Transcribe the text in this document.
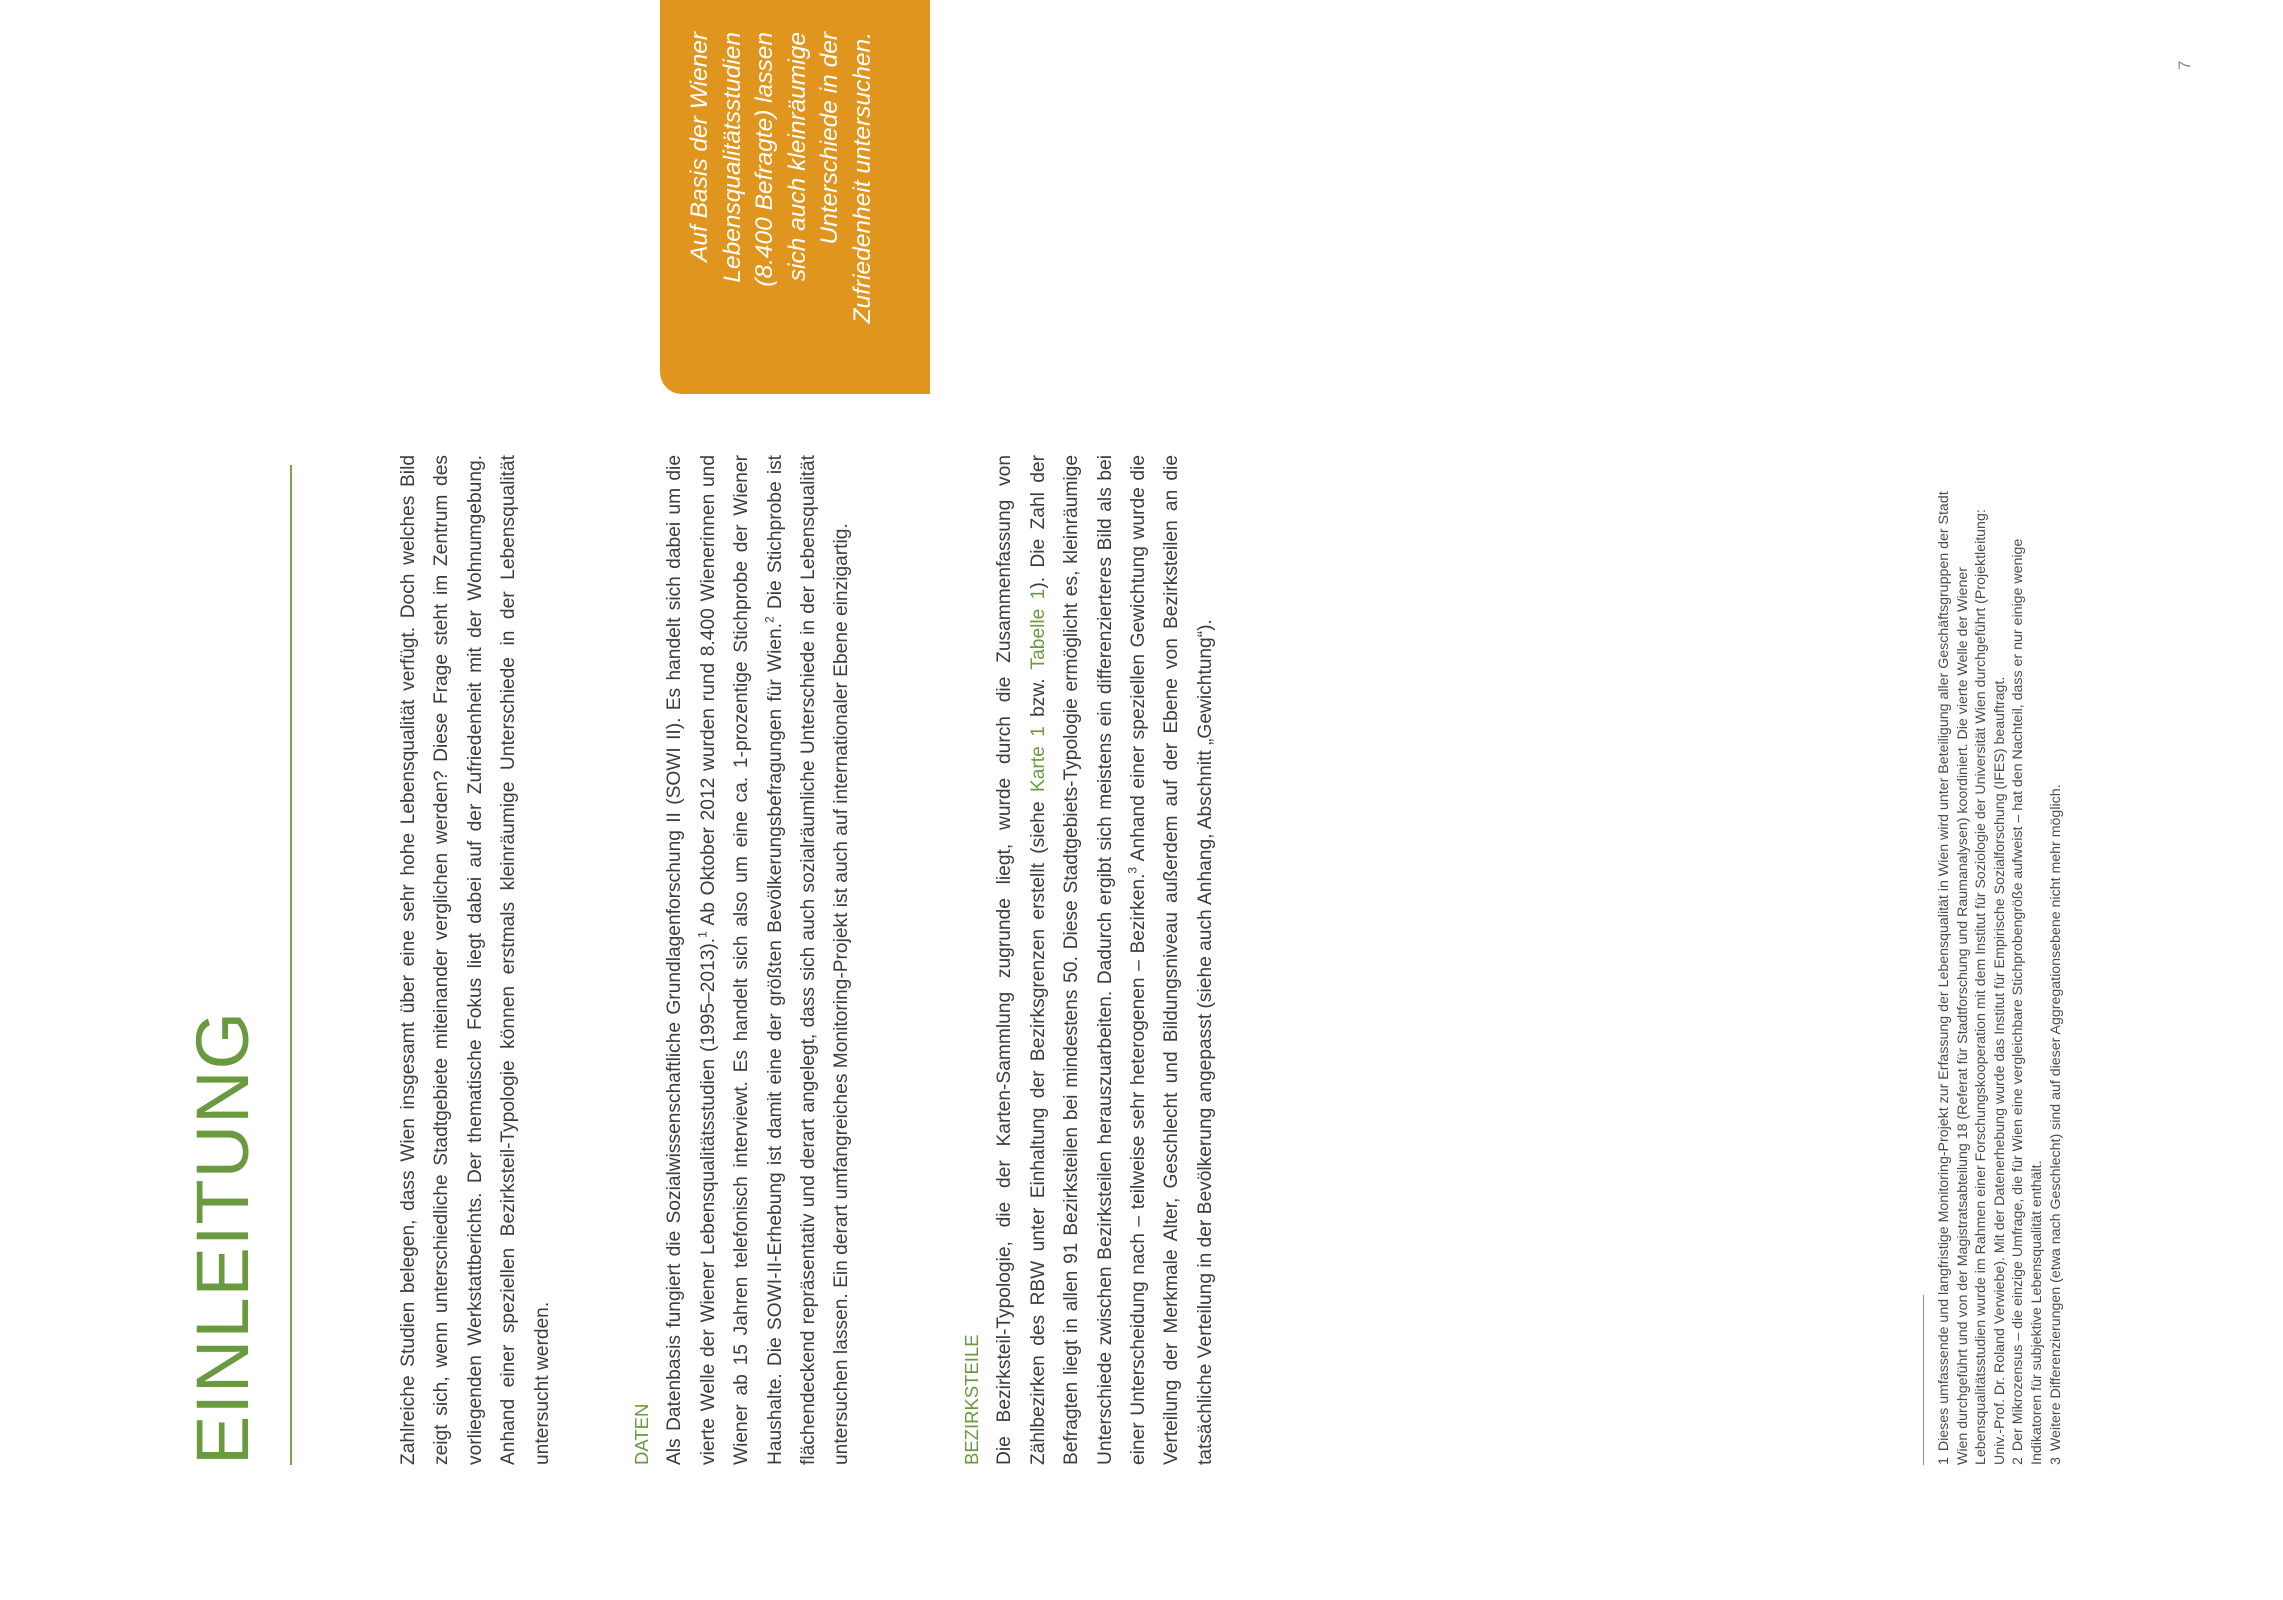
EINLEITUNG	Zahlreiche Studien belegen, dass Wien insgesamt über eine sehr hohe Lebensqualität verfügt. Doch welches Bild zeigt sich, wenn unterschiedliche Stadtgebiete miteinander verglichen werden? Diese Frage steht im Zentrum des vorliegenden Werkstattberichts. Der thematische Fokus liegt dabei auf der Zufriedenheit mit der Wohnumgebung. Anhand einer speziellen Bezirksteil-Typologie können erstmals kleinräumige Unterschiede in der Lebensqualität untersucht werden.	DATEN Als Datenbasis fungiert die Sozialwissenschaftliche Grundlagenforschung II (SOWI II). Es handelt sich dabei um die vierte Welle der Wiener Lebensqualitätsstudien (1995–2013).$^1$ Ab Oktober 2012 wurden rund 8.400 Wienerinnen und Wiener ab 15 Jahren telefonisch interviewt. Es handelt sich also um eine ca. 1-prozentige Stichprobe der Wiener Haushalte. Die SOWI-II-Erhebung ist damit eine der größten Bevölkerungsbefragungen für Wien.$^2$ Die Stichprobe ist flächendeckend repräsentativ und derart angelegt, dass sich auch sozialräumliche Unterschiede in der Lebensqualität untersuchen lassen. Ein derart umfangreiches Monitoring-Projekt ist auch auf internationaler Ebene einzigartig.	BEZIRKSTEILE Die Bezirksteil-Typologie, die der Karten-Sammlung zugrunde liegt, wurde durch die Zusammenfassung von Zählbezirken des RBW unter Einhaltung der Bezirksgrenzen erstellt (siehe Karte 1 bzw. Tabelle 1). Die Zahl der Befragten liegt in allen 91 Bezirksteilen bei mindestens 50. Diese Stadtgebiets-Typologie ermöglicht es, kleinräumige Unterschiede zwischen Bezirksteilen herauszuarbeiten. Dadurch ergibt sich meistens ein differenzierteres Bild als bei einer Unterscheidung nach – teilweise sehr heterogenen – Bezirken.$^3$ Anhand einer speziellen Gewichtung wurde die Verteilung der Merkmale Alter, Geschlecht und Bildungsniveau außerdem auf der Ebene von Bezirksteilen an die tatsächliche Verteilung in der Bevölkerung angepasst (siehe auch Anhang, Abschnitt „Gewichtung“).

Auf Basis der Wiener Lebensqualitätsstudien (8.400 Befragte) lassen sich auch kleinräumige Unterschiede in der Zufriedenheit untersuchen.

1Dieses umfassende und langfristige Monitoring-Projekt zur Erfassung der Lebensqualität in Wien wird unter Beteiligung aller Geschäftsgruppen der Stadt Wien durchgeführt und von der Magistratsabteilung 18 (Referat für Stadtforschung und Raumanalysen) koordiniert. Die vierte Welle der Wiener Lebensqualitätsstudien wurde im Rahmen einer Forschungskooperation mit dem Institut für Soziologie der Universität Wien durchgeführt (Projektleitung: Univ.-Prof. Dr. Roland Verwiebe). Mit der Datenerhebung wurde das Institut für Empirische Sozialforschung (IFES) beauftragt. 2Der Mikrozensus – die einzige Umfrage, die für Wien eine vergleichbare Stichprobengröße aufweist – hat den Nachteil, dass er nur einige wenige Indikatoren für subjektive Lebensqualität enthält. 3Weitere Differenzierungen (etwa nach Geschlecht) sind auf dieser Aggregationsebene nicht mehr möglich.

7
